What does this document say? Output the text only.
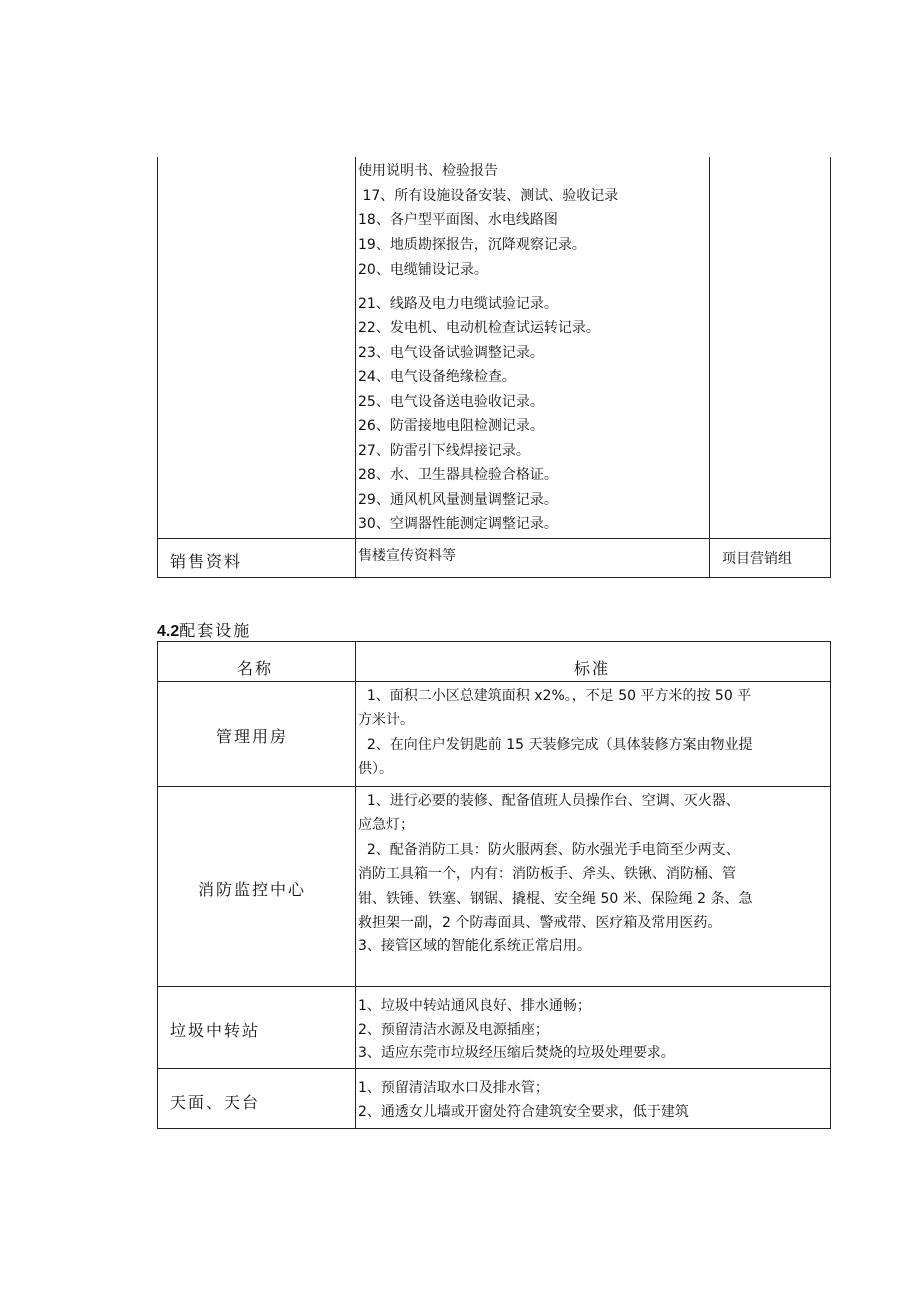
使用说明书、检验报告
17、所有设施设备安装、测试、验收记录
18、各户型平面图、水电线路图
19、地质勘探报告，沉降观察记录。
20、电缆铺设记录。
21、线路及电力电缆试验记录。
22、发电机、电动机检查试运转记录。
23、电气设备试验调整记录。
24、电气设备绝缘检查。
25、电气设备送电验收记录。
26、防雷接地电阻检测记录。
27、防雷引下线焊接记录。
28、水、卫生器具检验合格证。
29、通风机风量测量调整记录。
30、空调器性能测定调整记录。
销售资料	售楼宣传资料等	项目营销组
4.2配套设施
名称	标准
管理用房
1、面积二小区总建筑面积 x2%。，不足 50 平方米的按 50 平
方米计。
2、在向住户发钥匙前 15 天装修完成（具体装修方案由物业提
供）。
消防监控中心
1、进行必要的装修、配备值班人员操作台、空调、灭火器、
应急灯；
2、配备消防工具：防火服两套、防水强光手电筒至少两支、
消防工具箱一个，内有：消防板手、斧头、铁锹、消防桶、管
钳、铁锤、铁塞、钢锯、撬棍、安全绳 50 米、保险绳 2 条、急
救担架一副，2 个防毒面具、警戒带、医疗箱及常用医药。
3、接管区域的智能化系统正常启用。
垃圾中转站
1、垃圾中转站通风良好、排水通畅；
2、预留清洁水源及电源插座；
3、适应东莞市垃圾经压缩后焚烧的垃圾处理要求。
天面、天台
1、预留清洁取水口及排水管；
2、通透女儿墙或开窗处符合建筑安全要求，低于建筑
